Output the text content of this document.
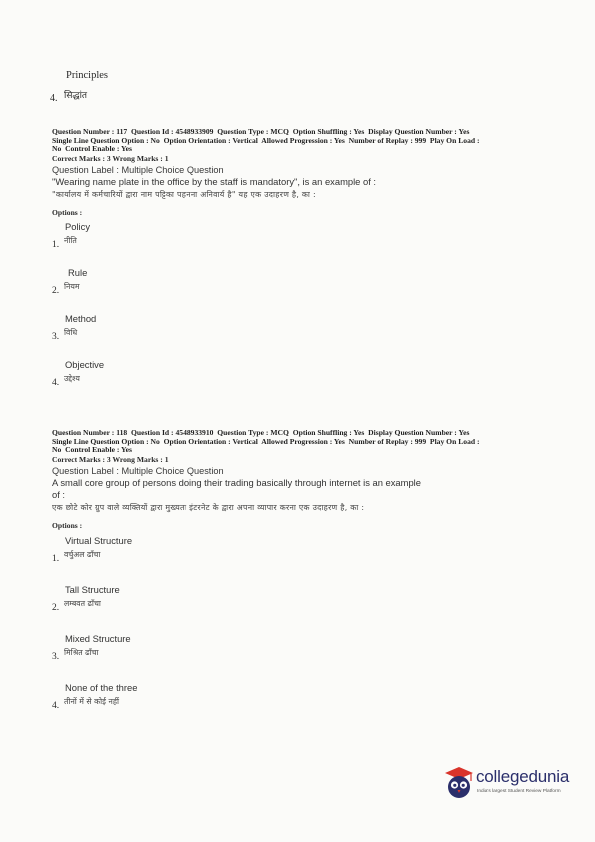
Principles
सिद्धांत
4.
Question Number : 117  Question Id : 4548933909  Question Type : MCQ  Option Shuffling : Yes  Display Question Number : Yes
Single Line Question Option : No  Option Orientation : Vertical  Allowed Progression : Yes  Number of Replay : 999  Play On Load :
No  Control Enable : Yes
Correct Marks : 3 Wrong Marks : 1
Question Label : Multiple Choice Question
"Wearing name plate in the office by the staff is mandatory", is an example of :
"कार्यालय में कर्मचारियों द्वारा नाम पट्टिका पहनना अनिवार्य है" यह एक उदाहरण है, का :
Options :
Policy
नीति
1.
Rule
नियम
2.
Method
विधि
3.
Objective
उद्देश्य
4.
Question Number : 118  Question Id : 4548933910  Question Type : MCQ  Option Shuffling : Yes  Display Question Number : Yes
Single Line Question Option : No  Option Orientation : Vertical  Allowed Progression : Yes  Number of Replay : 999  Play On Load :
No  Control Enable : Yes
Correct Marks : 3 Wrong Marks : 1
Question Label : Multiple Choice Question
A small core group of persons doing their trading basically through internet is an example of :
एक छोटे कोर ग्रुप वाले व्यक्तियों द्वारा मुख्यतः इंटरनेट के द्वारा अपना व्यापार करना एक उदाहरण है, का :
Options :
Virtual Structure
वर्चुअल ढाँचा
1.
Tall Structure
लम्बवत ढाँचा
2.
Mixed Structure
मिश्रित ढाँचा
3.
None of the three
तीनों में से कोई नहीं
4.
collegedunia
India's largest Student Review Platform
